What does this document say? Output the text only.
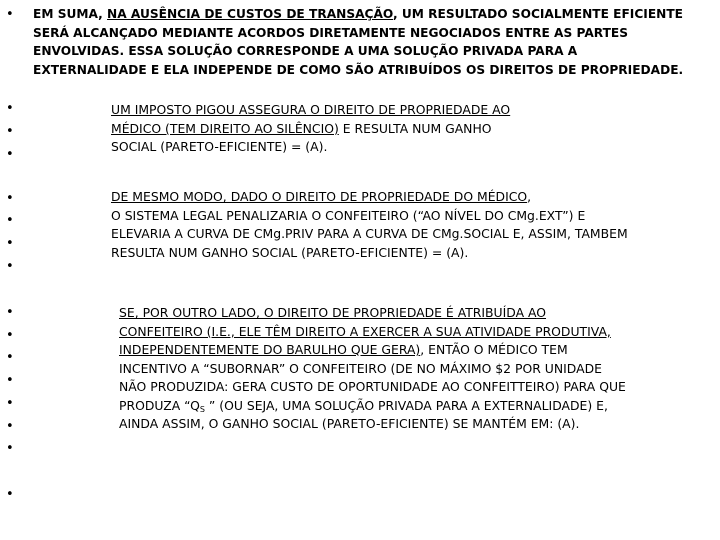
•
•
•
•
•
•
•
•
•
•
•
•
•
•
•
•
EM SUMA, NA AUSÊNCIA DE CUSTOS DE TRANSAÇÃO, UM RESULTADO SOCIALMENTE EFICIENTE
SERÁ ALCANÇADO MEDIANTE ACORDOS DIRETAMENTE NEGOCIADOS ENTRE AS PARTES
ENVOLVIDAS. ESSA SOLUÇÃO CORRESPONDE A UMA SOLUÇÃO PRIVADA PARA A
EXTERNALIDADE E ELA INDEPENDE DE COMO SÃO ATRIBUÍDOS OS DIREITOS DE PROPRIEDADE.
UM IMPOSTO PIGOU ASSEGURA O DIREITO DE PROPRIEDADE AO
MÉDICO (TEM DIREITO AO SILÊNCIO) E RESULTA NUM GANHO
SOCIAL (PARETO-EFICIENTE) = (A).
DE MESMO MODO, DADO O DIREITO DE PROPRIEDADE DO MÉDICO,
O SISTEMA LEGAL PENALIZARIA O CONFEITEIRO (“AO NÍVEL DO CMg.EXT”) E
ELEVARIA A CURVA DE CMg.PRIV PARA A CURVA DE CMg.SOCIAL E, ASSIM, TAMBEM
RESULTA NUM GANHO SOCIAL (PARETO-EFICIENTE) = (A).
SE, POR OUTRO LADO, O DIREITO DE PROPRIEDADE É ATRIBUÍDA AO
CONFEITEIRO (I.E., ELE TÊM DIREITO A EXERCER A SUA ATIVIDADE PRODUTIVA,
INDEPENDENTEMENTE DO BARULHO QUE GERA), ENTÃO O MÉDICO TEM
INCENTIVO A “SUBORNAR” O CONFEITEIRO (DE NO MÁXIMO $2 POR UNIDADE
NÃO PRODUZIDA: GERA CUSTO DE OPORTUNIDADE AO CONFEITTEIRO) PARA QUE
PRODUZA “$Q_S$ ” (OU SEJA, UMA SOLUÇÃO PRIVADA PARA A EXTERNALIDADE) E,
AINDA ASSIM, O GANHO SOCIAL (PARETO-EFICIENTE) SE MANTÉM EM: (A).
